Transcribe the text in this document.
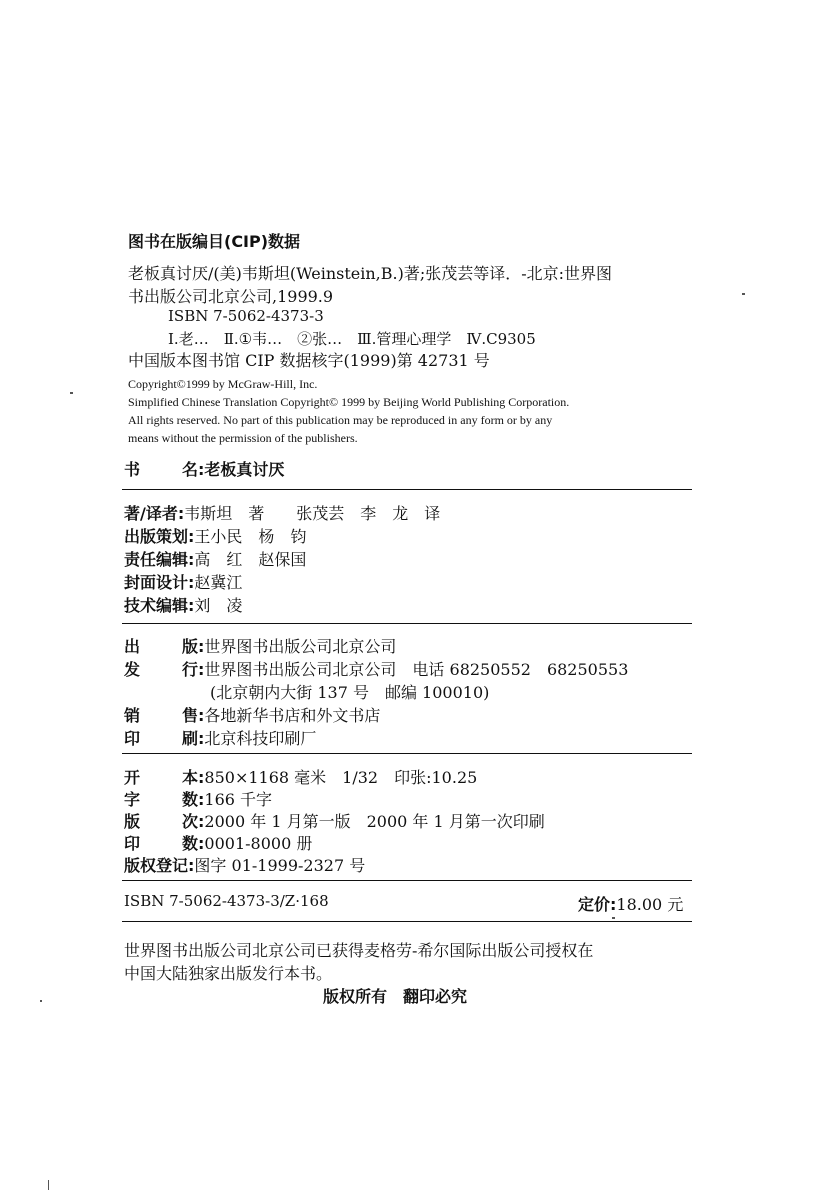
图书在版编目(CIP)数据
老板真讨厌/(美)韦斯坦(Weinstein,B.)著;张茂芸等译．-北京:世界图
书出版公司北京公司,1999.9
ISBN 7-5062-4373-3
Ⅰ.老…　Ⅱ.①韦…　②张…　Ⅲ.管理心理学　Ⅳ.C9305
中国版本图书馆 CIP 数据核字(1999)第 42731 号
Copyright©1999 by McGraw-Hill, Inc.
Simplified Chinese Translation Copyright© 1999 by Beijing World Publishing Corporation.
All rights reserved. No part of this publication may be reproduced in any form or by any
means without the permission of the publishers.
书	名:老板真讨厌
著/译者:韦斯坦　著　　张茂芸　李　龙　译
出版策划:王小民　杨　钧
责任编辑:高　红　赵保国
封面设计:赵冀江
技术编辑:刘　凌
出	版:世界图书出版公司北京公司
发	行:世界图书出版公司北京公司　电话 68250552　68250553
(北京朝内大街 137 号　邮编 100010)
销	售:各地新华书店和外文书店
印	刷:北京科技印刷厂
开	本:850×1168 毫米　1/32　印张:10.25
字	数:166 千字
版	次:2000 年 1 月第一版　2000 年 1 月第一次印刷
印	数:0001-8000 册
版权登记:图字 01-1999-2327 号
ISBN 7-5062-4373-3/Z·168	定价:18.00 元
世界图书出版公司北京公司已获得麦格劳-希尔国际出版公司授权在
中国大陆独家出版发行本书。
版权所有　翻印必究
